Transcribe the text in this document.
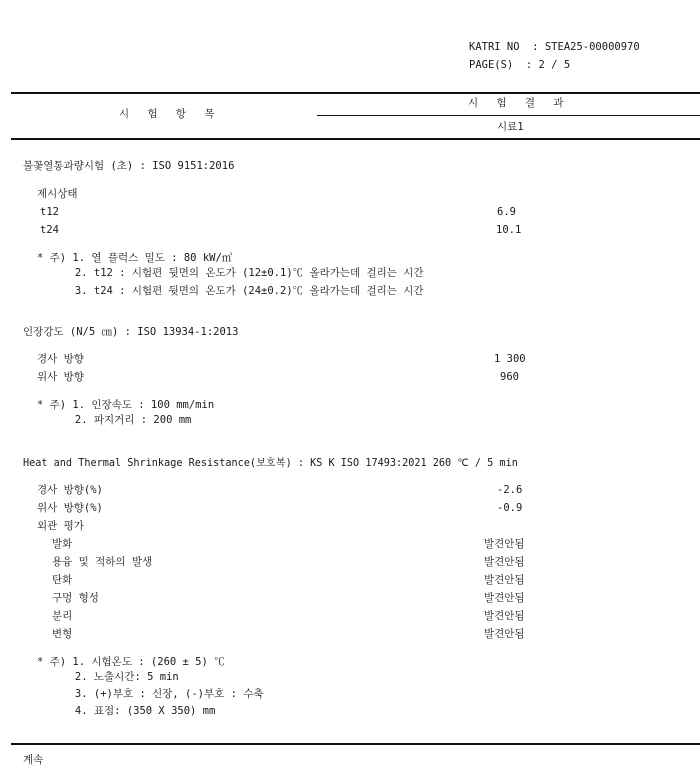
KATRI NO  : STEA25-00000970
PAGE(S)  : 2 / 5
시 험 항 목
시 험 결 과
시료1
불꽃열통과량시험 (초) : ISO 9151:2016
제시상태
t12	6.9
t24	10.1
* 주) 1. 열 플럭스 밀도 : 80 kW/㎡
2. t12 : 시험편 뒷면의 온도가 (12±0.1)℃ 올라가는데 걸리는 시간
3. t24 : 시험편 뒷면의 온도가 (24±0.2)℃ 올라가는데 걸리는 시간
인장강도 (N/5 ㎝) : ISO 13934-1:2013
경사 방향	1 300
위사 방향	960
* 주) 1. 인장속도 : 100 mm/min
2. 파지거리 : 200 mm
Heat and Thermal Shrinkage Resistance(보호복) : KS K ISO 17493:2021 260 ℃ / 5 min
경사 방향(%)	-2.6
위사 방향(%)	-0.9
외관 평가
발화	발견안됨
용융 및 적하의 발생	발견안됨
탄화	발견안됨
구멍 형성	발견안됨
분리	발견안됨
변형	발견안됨
* 주) 1. 시험온도 : (260 ± 5) ℃
2. 노출시간: 5 min
3. (+)부호 : 신장, (-)부호 : 수축
4. 표점: (350 X 350) mm
계속
